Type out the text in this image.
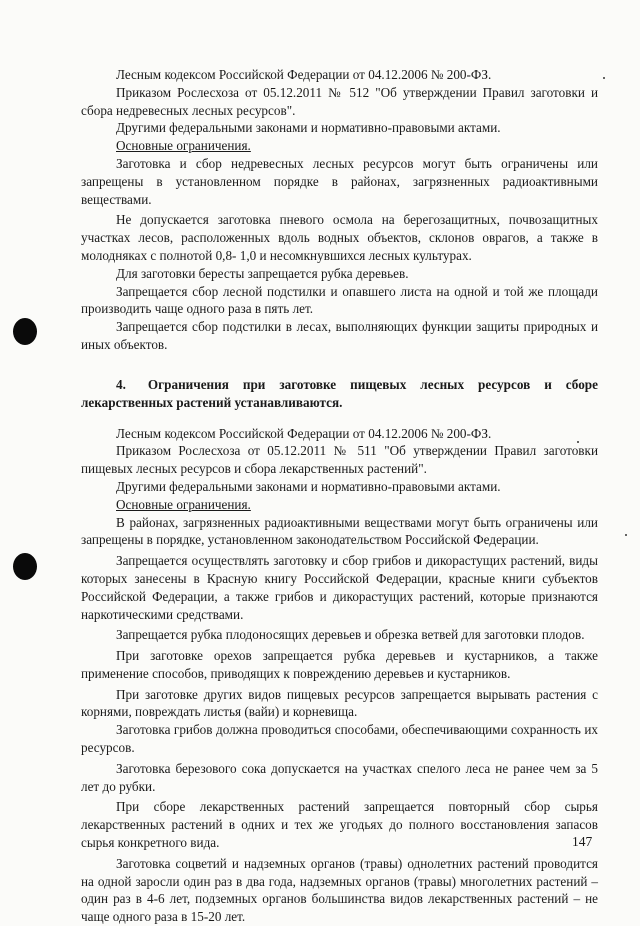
Лесным кодексом Российской Федерации от 04.12.2006 № 200-ФЗ.

Приказом Рослесхоза от 05.12.2011 № 512 "Об утверждении Правил заготовки и сбора недревесных лесных ресурсов".

Другими федеральными законами и нормативно-правовыми актами.

Основные ограничения.

Заготовка и сбор недревесных лесных ресурсов могут быть ограничены или запрещены в установленном порядке в районах, загрязненных радиоактивными веществами.

Не допускается заготовка пневого осмола на берегозащитных, почвозащитных участках лесов, расположенных вдоль водных объектов, склонов оврагов, а также в молодняках с полнотой 0,8- 1,0 и несомкнувшихся лесных культурах.

Для заготовки бересты запрещается рубка деревьев.

Запрещается сбор лесной подстилки и опавшего листа на одной и той же площади производить чаще одного раза в пять лет.

Запрещается сбор подстилки в лесах, выполняющих функции защиты природных и иных объектов.

4. Ограничения при заготовке пищевых лесных ресурсов и сборе лекарственных растений устанавливаются.

Лесным кодексом Российской Федерации от 04.12.2006 № 200-ФЗ.

Приказом Рослесхоза от 05.12.2011 № 511 "Об утверждении Правил заготовки пищевых лесных ресурсов и сбора лекарственных растений".

Другими федеральными законами и нормативно-правовыми актами.

Основные ограничения.

В районах, загрязненных радиоактивными веществами могут быть ограничены или запрещены в порядке, установленном законодательством Российской Федерации.

Запрещается осуществлять заготовку и сбор грибов и дикорастущих растений, виды которых занесены в Красную книгу Российской Федерации, красные книги субъектов Российской Федерации, а также грибов и дикорастущих растений, которые признаются наркотическими средствами.

Запрещается рубка плодоносящих деревьев и обрезка ветвей для заготовки плодов.

При заготовке орехов запрещается рубка деревьев и кустарников, а также применение способов, приводящих к повреждению деревьев и кустарников.

При заготовке других видов пищевых ресурсов запрещается вырывать растения с корнями, повреждать листья (вайи) и корневища.

Заготовка грибов должна проводиться способами, обеспечивающими сохранность их ресурсов.

Заготовка березового сока допускается на участках спелого леса не ранее чем за 5 лет до рубки.

При сборе лекарственных растений запрещается повторный сбор сырья лекарственных растений в одних и тех же угодьях до полного восстановления запасов сырья конкретного вида.

Заготовка соцветий и надземных органов (травы) однолетних растений проводится на одной заросли один раз в два года, надземных органов (травы) многолетних растений – один раз в 4-6 лет, подземных органов большинства видов лекарственных растений – не чаще одного раза в 15-20 лет.

147
